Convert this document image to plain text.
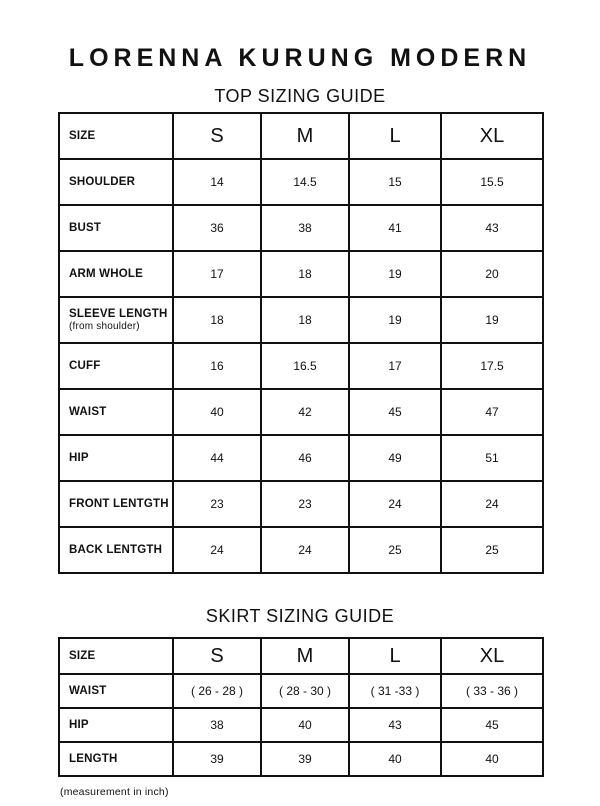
LORENNA KURUNG MODERN
TOP SIZING GUIDE
SIZE	S	M	L	XL
SHOULDER	14	14.5	15	15.5
BUST	36	38	41	43
ARM WHOLE	17	18	19	20
SLEEVE LENGTH
(from shoulder)	18	18	19	19
CUFF	16	16.5	17	17.5
WAIST	40	42	45	47
HIP	44	46	49	51
FRONT LENTGTH	23	23	24	24
BACK LENTGTH	24	24	25	25
SKIRT SIZING GUIDE
SIZE	S	M	L	XL
WAIST	( 26 - 28 )	( 28 - 30 )	( 31 -33 )	( 33 - 36 )
HIP	38	40	43	45
LENGTH	39	39	40	40
(measurement in inch)
